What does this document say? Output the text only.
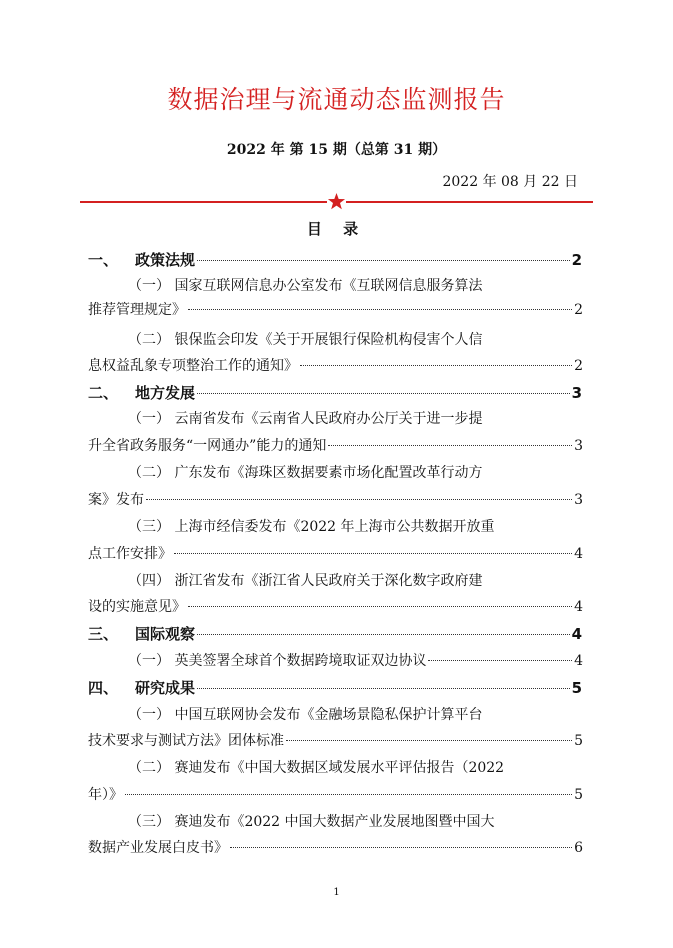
数据治理与流通动态监测报告
2022 年 第 15 期（总第 31 期）
2022 年 08 月 22 日
目 录
一、	政策法规	2
（一） 国家互联网信息办公室发布《互联网信息服务算法
推荐管理规定》	2
（二） 银保监会印发《关于开展银行保险机构侵害个人信
息权益乱象专项整治工作的通知》	2
二、	地方发展	3
（一） 云南省发布《云南省人民政府办公厅关于进一步提
升全省政务服务“一网通办”能力的通知	3
（二） 广东发布《海珠区数据要素市场化配置改革行动方
案》发布	3
（三） 上海市经信委发布《2022 年上海市公共数据开放重
点工作安排》	4
（四） 浙江省发布《浙江省人民政府关于深化数字政府建
设的实施意见》	4
三、	国际观察	4
（一） 英美签署全球首个数据跨境取证双边协议	4
四、	研究成果	5
（一） 中国互联网协会发布《金融场景隐私保护计算平台
技术要求与测试方法》团体标准	5
（二） 赛迪发布《中国大数据区域发展水平评估报告（2022
年）》	5
（三） 赛迪发布《2022 中国大数据产业发展地图暨中国大
数据产业发展白皮书》	6
1
